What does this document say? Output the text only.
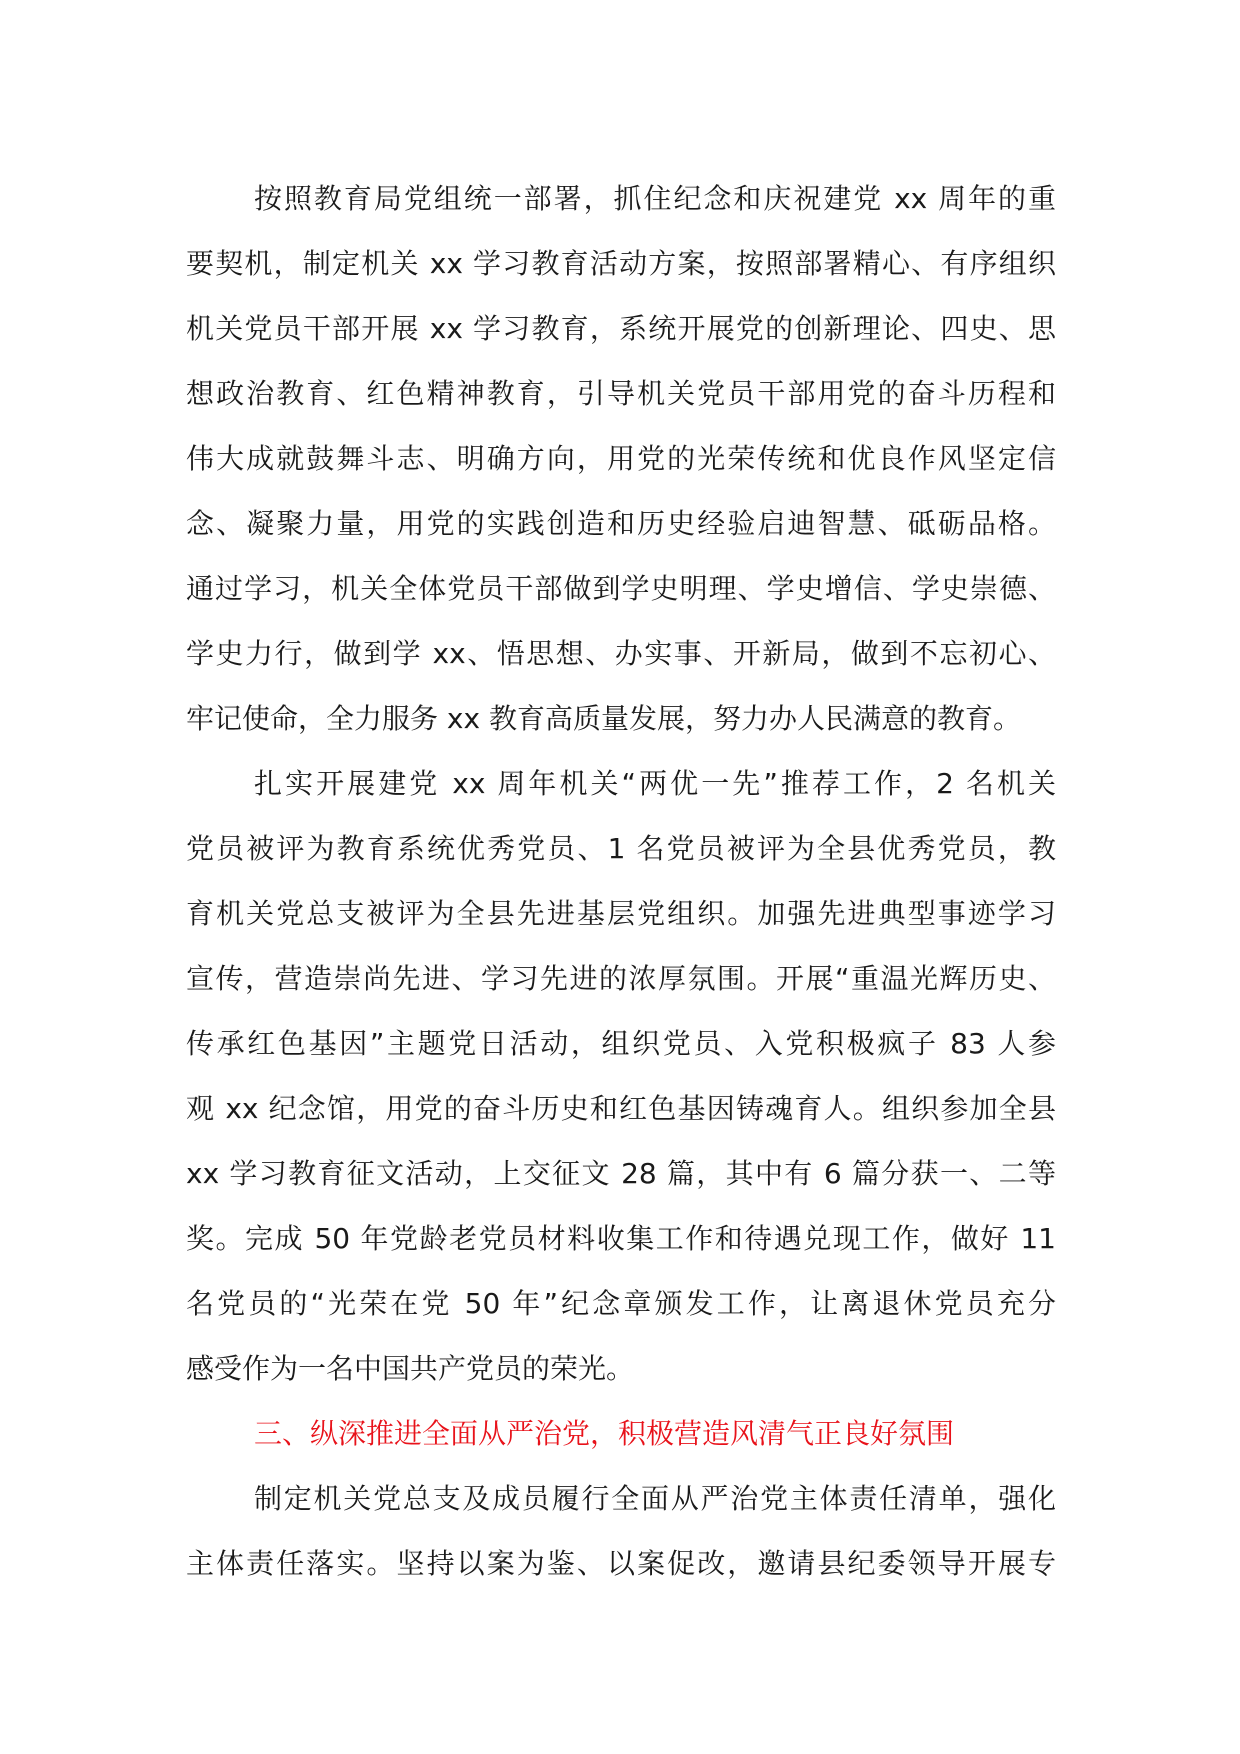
按照教育局党组统一部署，抓住纪念和庆祝建党 xx 周年的重
要契机，制定机关 xx 学习教育活动方案，按照部署精心、有序组织
机关党员干部开展 xx 学习教育，系统开展党的创新理论、四史、思
想政治教育、红色精神教育，引导机关党员干部用党的奋斗历程和
伟大成就鼓舞斗志、明确方向，用党的光荣传统和优良作风坚定信
念、凝聚力量，用党的实践创造和历史经验启迪智慧、砥砺品格。
通过学习，机关全体党员干部做到学史明理、学史增信、学史崇德、
学史力行，做到学 xx、悟思想、办实事、开新局，做到不忘初心、
牢记使命，全力服务 xx 教育高质量发展，努力办人民满意的教育。
扎实开展建党 xx 周年机关“两优一先”推荐工作，2 名机关
党员被评为教育系统优秀党员、1 名党员被评为全县优秀党员，教
育机关党总支被评为全县先进基层党组织。加强先进典型事迹学习
宣传，营造崇尚先进、学习先进的浓厚氛围。开展“重温光辉历史、
传承红色基因”主题党日活动，组织党员、入党积极疯子 83 人参
观 xx 纪念馆，用党的奋斗历史和红色基因铸魂育人。组织参加全县
xx 学习教育征文活动，上交征文 28 篇，其中有 6 篇分获一、二等
奖。完成 50 年党龄老党员材料收集工作和待遇兑现工作，做好 11
名党员的“光荣在党 50 年”纪念章颁发工作，让离退休党员充分
感受作为一名中国共产党员的荣光。
三、纵深推进全面从严治党，积极营造风清气正良好氛围
制定机关党总支及成员履行全面从严治党主体责任清单，强化
主体责任落实。坚持以案为鉴、以案促改，邀请县纪委领导开展专
